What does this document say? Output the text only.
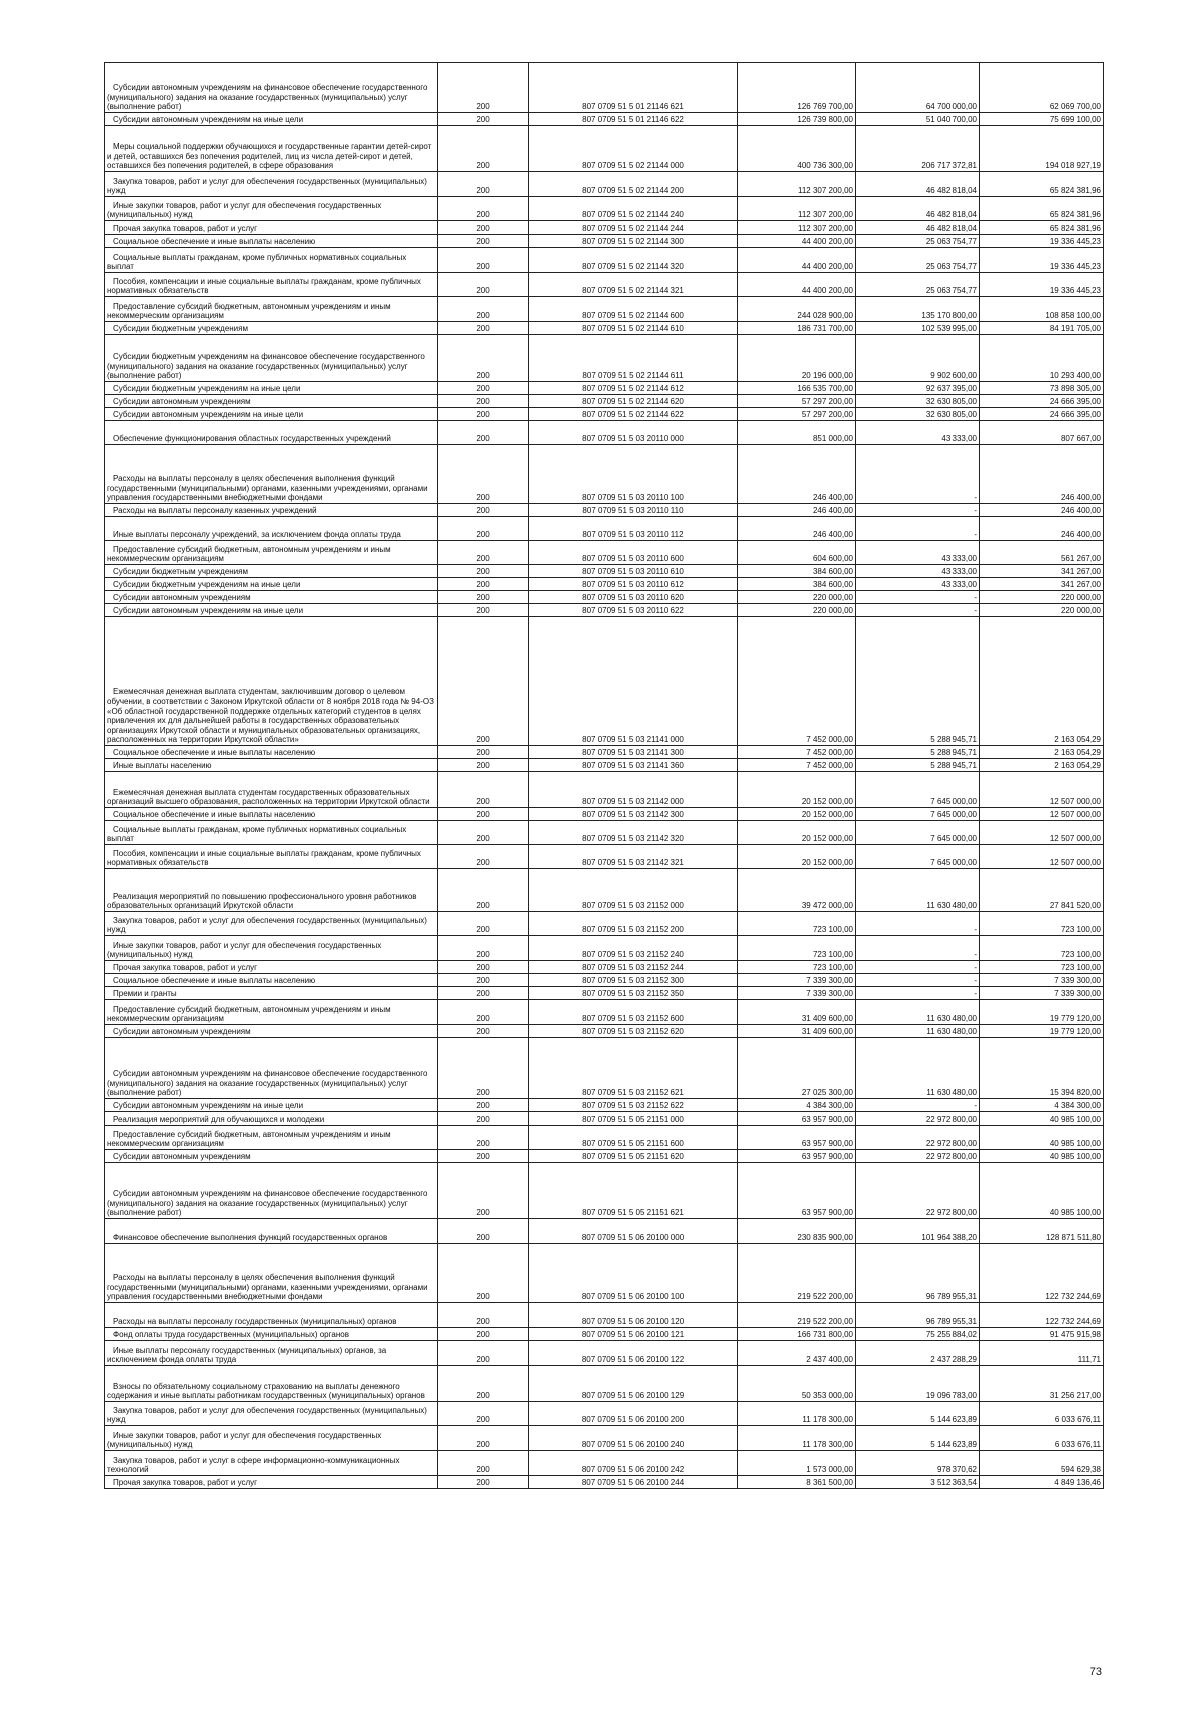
Субсидии автономным учреждениям на финансовое обеспечение государственного (муниципального) задания на оказание государственных (муниципальных) услуг (выполнение работ)	200	807 0709 51 5 01 21146 621	126 769 700,00	64 700 000,00	62 069 700,00

Субсидии автономным учреждениям на иные цели	200	807 0709 51 5 01 21146 622	126 739 800,00	51 040 700,00	75 699 100,00

Меры социальной поддержки обучающихся и государственные гарантии детей-сирот и детей, оставшихся без попечения родителей, лиц из числа детей-сирот и детей, оставшихся без попечения родителей, в сфере образования	200	807 0709 51 5 02 21144 000	400 736 300,00	206 717 372,81	194 018 927,19

Закупка товаров, работ и услуг для обеспечения государственных (муниципальных) нужд	200	807 0709 51 5 02 21144 200	112 307 200,00	46 482 818,04	65 824 381,96

Иные закупки товаров, работ и услуг для обеспечения государственных (муниципальных) нужд	200	807 0709 51 5 02 21144 240	112 307 200,00	46 482 818,04	65 824 381,96

Прочая закупка товаров, работ и услуг	200	807 0709 51 5 02 21144 244	112 307 200,00	46 482 818,04	65 824 381,96

Социальное обеспечение и иные выплаты населению	200	807 0709 51 5 02 21144 300	44 400 200,00	25 063 754,77	19 336 445,23

Социальные выплаты гражданам, кроме публичных нормативных социальных выплат	200	807 0709 51 5 02 21144 320	44 400 200,00	25 063 754,77	19 336 445,23

Пособия, компенсации и иные социальные выплаты гражданам, кроме публичных нормативных обязательств	200	807 0709 51 5 02 21144 321	44 400 200,00	25 063 754,77	19 336 445,23

Предоставление субсидий бюджетным, автономным учреждениям и иным некоммерческим организациям	200	807 0709 51 5 02 21144 600	244 028 900,00	135 170 800,00	108 858 100,00

Субсидии бюджетным учреждениям	200	807 0709 51 5 02 21144 610	186 731 700,00	102 539 995,00	84 191 705,00

Субсидии бюджетным учреждениям на финансовое обеспечение государственного (муниципального) задания на оказание государственных (муниципальных) услуг (выполнение работ)	200	807 0709 51 5 02 21144 611	20 196 000,00	9 902 600,00	10 293 400,00

Субсидии бюджетным учреждениям на иные цели	200	807 0709 51 5 02 21144 612	166 535 700,00	92 637 395,00	73 898 305,00

Субсидии автономным учреждениям	200	807 0709 51 5 02 21144 620	57 297 200,00	32 630 805,00	24 666 395,00

Субсидии автономным учреждениям на иные цели	200	807 0709 51 5 02 21144 622	57 297 200,00	32 630 805,00	24 666 395,00

Обеспечение функционирования областных государственных учреждений	200	807 0709 51 5 03 20110 000	851 000,00	43 333,00	807 667,00

Расходы на выплаты персоналу в целях обеспечения выполнения функций государственными (муниципальными) органами, казенными учреждениями, органами управления государственными внебюджетными фондами	200	807 0709 51 5 03 20110 100	246 400,00	-	246 400,00

Расходы на выплаты персоналу казенных учреждений	200	807 0709 51 5 03 20110 110	246 400,00	-	246 400,00

Иные выплаты персоналу учреждений, за исключением фонда оплаты труда	200	807 0709 51 5 03 20110 112	246 400,00	-	246 400,00

Предоставление субсидий бюджетным, автономным учреждениям и иным некоммерческим организациям	200	807 0709 51 5 03 20110 600	604 600,00	43 333,00	561 267,00

Субсидии бюджетным учреждениям	200	807 0709 51 5 03 20110 610	384 600,00	43 333,00	341 267,00

Субсидии бюджетным учреждениям на иные цели	200	807 0709 51 5 03 20110 612	384 600,00	43 333,00	341 267,00

Субсидии автономным учреждениям	200	807 0709 51 5 03 20110 620	220 000,00	-	220 000,00

Субсидии автономным учреждениям на иные цели	200	807 0709 51 5 03 20110 622	220 000,00	-	220 000,00

Ежемесячная денежная выплата студентам, заключившим договор о целевом обучении, в соответствии с Законом Иркутской области от 8 ноября 2018 года № 94-ОЗ «Об областной государственной поддержке отдельных категорий студентов в целях привлечения их для дальнейшей работы в государственных образовательных организациях Иркутской области и муниципальных образовательных организациях, расположенных на территории Иркутской области»	200	807 0709 51 5 03 21141 000	7 452 000,00	5 288 945,71	2 163 054,29

Социальное обеспечение и иные выплаты населению	200	807 0709 51 5 03 21141 300	7 452 000,00	5 288 945,71	2 163 054,29

Иные выплаты населению	200	807 0709 51 5 03 21141 360	7 452 000,00	5 288 945,71	2 163 054,29

Ежемесячная денежная выплата студентам государственных образовательных организаций высшего образования, расположенных на территории Иркутской области	200	807 0709 51 5 03 21142 000	20 152 000,00	7 645 000,00	12 507 000,00

Социальное обеспечение и иные выплаты населению	200	807 0709 51 5 03 21142 300	20 152 000,00	7 645 000,00	12 507 000,00

Социальные выплаты гражданам, кроме публичных нормативных социальных выплат	200	807 0709 51 5 03 21142 320	20 152 000,00	7 645 000,00	12 507 000,00

Пособия, компенсации и иные социальные выплаты гражданам, кроме публичных нормативных обязательств	200	807 0709 51 5 03 21142 321	20 152 000,00	7 645 000,00	12 507 000,00

Реализация мероприятий по повышению профессионального уровня работников образовательных организаций Иркутской области	200	807 0709 51 5 03 21152 000	39 472 000,00	11 630 480,00	27 841 520,00

Закупка товаров, работ и услуг для обеспечения государственных (муниципальных) нужд	200	807 0709 51 5 03 21152 200	723 100,00	-	723 100,00

Иные закупки товаров, работ и услуг для обеспечения государственных (муниципальных) нужд	200	807 0709 51 5 03 21152 240	723 100,00	-	723 100,00

Прочая закупка товаров, работ и услуг	200	807 0709 51 5 03 21152 244	723 100,00	-	723 100,00

Социальное обеспечение и иные выплаты населению	200	807 0709 51 5 03 21152 300	7 339 300,00	-	7 339 300,00

Премии и гранты	200	807 0709 51 5 03 21152 350	7 339 300,00	-	7 339 300,00

Предоставление субсидий бюджетным, автономным учреждениям и иным некоммерческим организациям	200	807 0709 51 5 03 21152 600	31 409 600,00	11 630 480,00	19 779 120,00

Субсидии автономным учреждениям	200	807 0709 51 5 03 21152 620	31 409 600,00	11 630 480,00	19 779 120,00

Субсидии автономным учреждениям на финансовое обеспечение государственного (муниципального) задания на оказание государственных (муниципальных) услуг (выполнение работ)	200	807 0709 51 5 03 21152 621	27 025 300,00	11 630 480,00	15 394 820,00

Субсидии автономным учреждениям на иные цели	200	807 0709 51 5 03 21152 622	4 384 300,00	-	4 384 300,00

Реализация мероприятий для обучающихся и молодежи	200	807 0709 51 5 05 21151 000	63 957 900,00	22 972 800,00	40 985 100,00

Предоставление субсидий бюджетным, автономным учреждениям и иным некоммерческим организациям	200	807 0709 51 5 05 21151 600	63 957 900,00	22 972 800,00	40 985 100,00

Субсидии автономным учреждениям	200	807 0709 51 5 05 21151 620	63 957 900,00	22 972 800,00	40 985 100,00

Субсидии автономным учреждениям на финансовое обеспечение государственного (муниципального) задания на оказание государственных (муниципальных) услуг (выполнение работ)	200	807 0709 51 5 05 21151 621	63 957 900,00	22 972 800,00	40 985 100,00

Финансовое обеспечение выполнения функций государственных органов	200	807 0709 51 5 06 20100 000	230 835 900,00	101 964 388,20	128 871 511,80

Расходы на выплаты персоналу в целях обеспечения выполнения функций государственными (муниципальными) органами, казенными учреждениями, органами управления государственными внебюджетными фондами	200	807 0709 51 5 06 20100 100	219 522 200,00	96 789 955,31	122 732 244,69

Расходы на выплаты персоналу государственных (муниципальных) органов	200	807 0709 51 5 06 20100 120	219 522 200,00	96 789 955,31	122 732 244,69

Фонд оплаты труда государственных (муниципальных) органов	200	807 0709 51 5 06 20100 121	166 731 800,00	75 255 884,02	91 475 915,98

Иные выплаты персоналу государственных (муниципальных) органов, за исключением фонда оплаты труда	200	807 0709 51 5 06 20100 122	2 437 400,00	2 437 288,29	111,71

Взносы по обязательному социальному страхованию на выплаты денежного содержания и иные выплаты работникам государственных (муниципальных) органов	200	807 0709 51 5 06 20100 129	50 353 000,00	19 096 783,00	31 256 217,00

Закупка товаров, работ и услуг для обеспечения государственных (муниципальных) нужд	200	807 0709 51 5 06 20100 200	11 178 300,00	5 144 623,89	6 033 676,11

Иные закупки товаров, работ и услуг для обеспечения государственных (муниципальных) нужд	200	807 0709 51 5 06 20100 240	11 178 300,00	5 144 623,89	6 033 676,11

Закупка товаров, работ и услуг в сфере информационно-коммуникационных технологий	200	807 0709 51 5 06 20100 242	1 573 000,00	978 370,62	594 629,38

Прочая закупка товаров, работ и услуг	200	807 0709 51 5 06 20100 244	8 361 500,00	3 512 363,54	4 849 136,46
73
